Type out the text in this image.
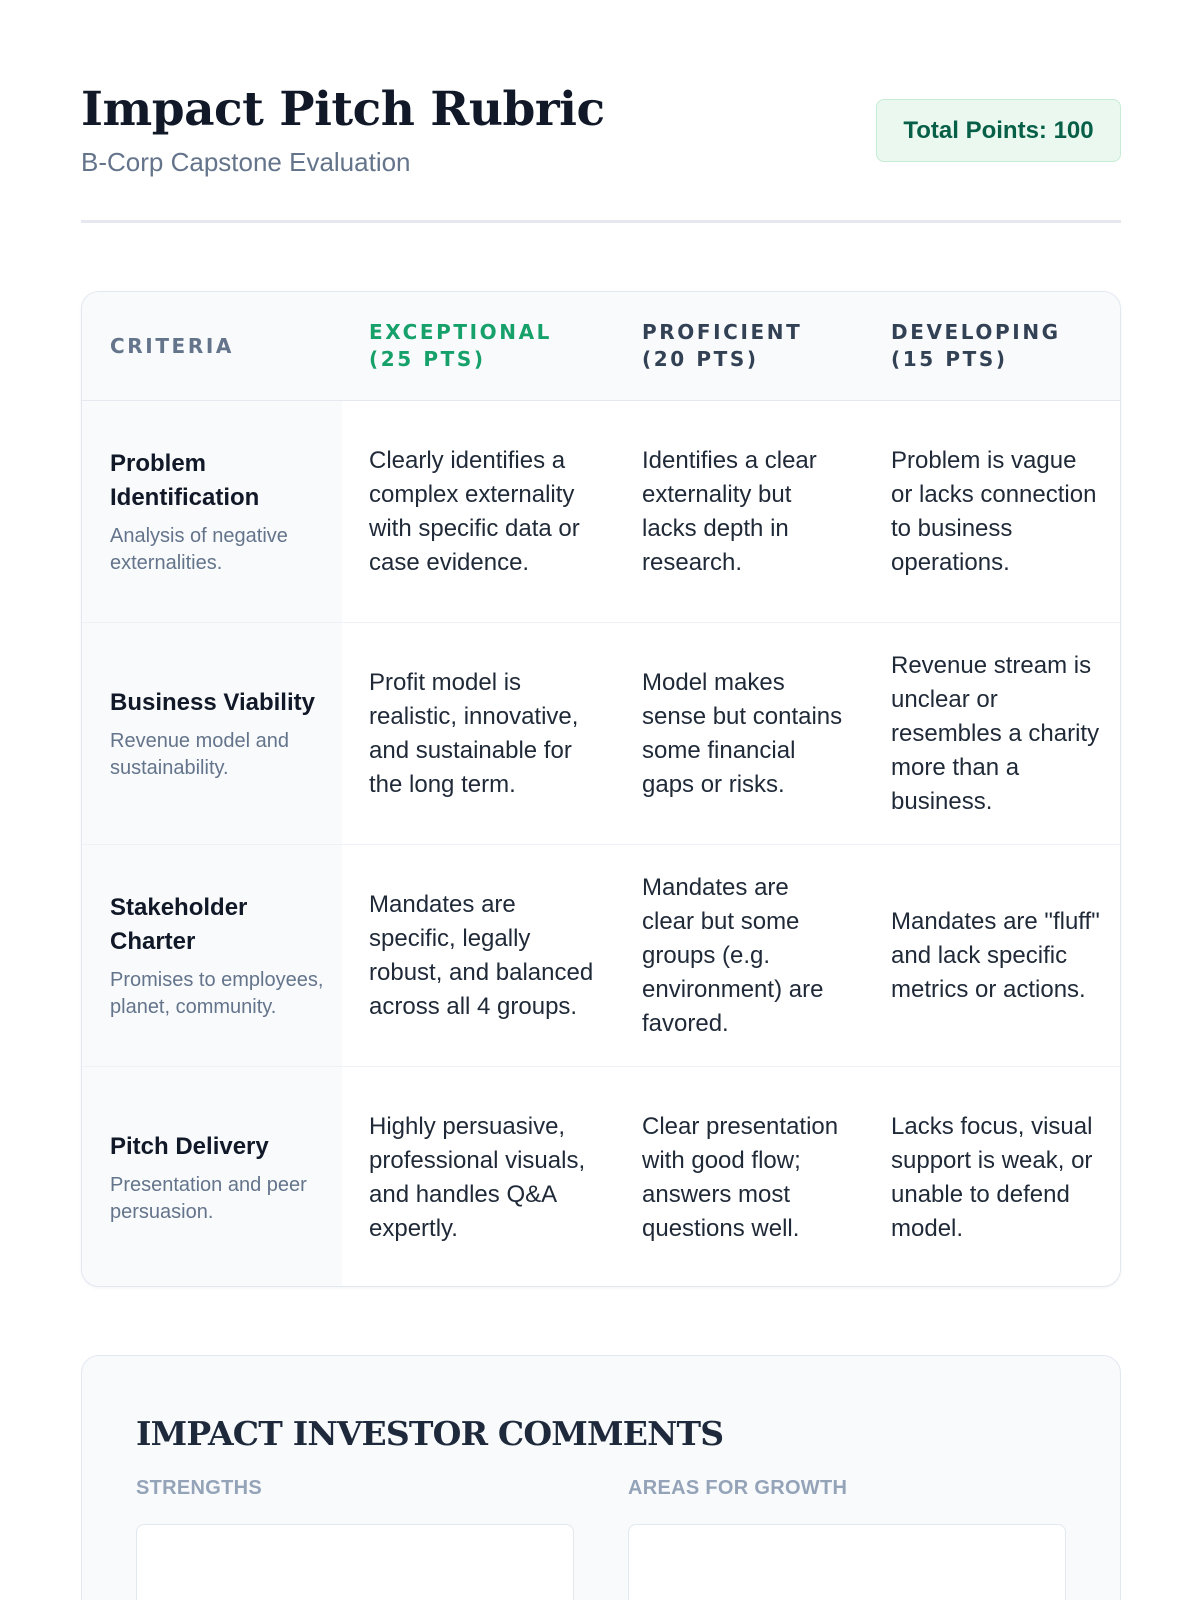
Impact Pitch Rubric
B-Corp Capstone Evaluation
Total Points: 100
CRITERIA
EXCEPTIONAL (25 PTS)
PROFICIENT (20 PTS)
DEVELOPING (15 PTS)
Problem Identification
Analysis of negative externalities.
Clearly identifies a complex externality with specific data or case evidence.
Identifies a clear externality but lacks depth in research.
Problem is vague or lacks connection to business operations.
Business Viability
Revenue model and sustainability.
Profit model is realistic, innovative, and sustainable for the long term.
Model makes sense but contains some financial gaps or risks.
Revenue stream is unclear or resembles a charity more than a business.
Stakeholder Charter
Promises to employees, planet, community.
Mandates are specific, legally robust, and balanced across all 4 groups.
Mandates are clear but some groups (e.g. environment) are favored.
Mandates are "fluff" and lack specific metrics or actions.
Pitch Delivery
Presentation and peer persuasion.
Highly persuasive, professional visuals, and handles Q&A expertly.
Clear presentation with good flow; answers most questions well.
Lacks focus, visual support is weak, or unable to defend model.
IMPACT INVESTOR COMMENTS
STRENGTHS	AREAS FOR GROWTH
